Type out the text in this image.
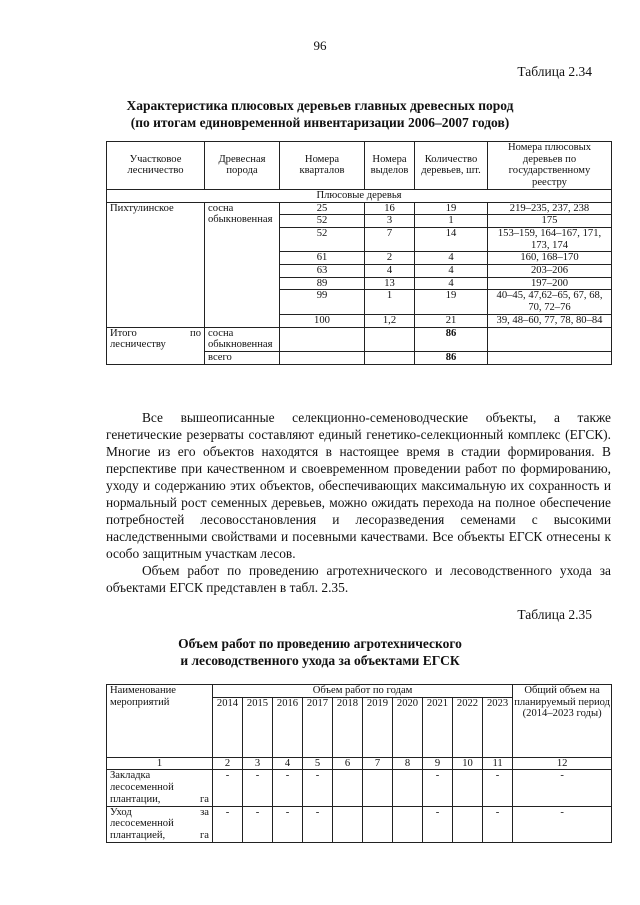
96
Таблица 2.34
Характеристика плюсовых деревьев главных древесных пород
(по итогам единовременной инвентаризации 2006–2007 годов)
Участковое лесничество	Древесная порода	Номера кварталов	Номера выделов	Количество деревьев, шт.	Номера плюсовых деревьев по государственному реестру
Плюсовые деревья					
Пихтулинское	сосна обыкновенная	25	16	19	219–235, 237, 238
		52	3	1	175
		52	7	14	153–159, 164–167, 171, 173, 174
		61	2	4	160, 168–170
		63	4	4	203–206
		89	13	4	197–200
		99	1	19	40–45, 47,62–65, 67, 68, 70, 72–76
		100	1,2	21	39, 48–60, 77, 78, 80–84
Итого по лесничеству	сосна обыкновенная			86	
	всего			86	

Все вышеописанные селекционно-семеноводческие объекты, а также генетические резерваты составляют единый генетико-селекционный комплекс (ЕГСК). Многие из его объектов находятся в настоящее время в стадии формирования. В перспективе при качественном и своевременном проведении работ по формированию, уходу и содержанию этих объектов, обеспечивающих максимальную их сохранность и нормальный рост семенных деревьев, можно ожидать перехода на полное обеспечение потребностей лесовосстановления и лесоразведения семенами с высокими наследственными свойствами и посевными качествами. Все объекты ЕГСК отнесены к особо защитным участкам лесов.

Объем работ по проведению агротехнического и лесоводственного ухода за объектами ЕГСК представлен в табл. 2.35.

Таблица 2.35
Объем работ по проведению агротехнического
и лесоводственного ухода за объектами ЕГСК
Наименование мероприятий	Объем работ по годам										Общий объем на планируемый период (2014–2023 годы)
	2014	2015	2016	2017	2018	2019	2020	2021	2022	2023	
1	2	3	4	5	6	7	8	9	10	11	12
Закладка лесосеменной плантации, га	-	-	-	-				-		-	-
Уход за лесосеменной плантацией, га	-	-	-	-				-		-	-
